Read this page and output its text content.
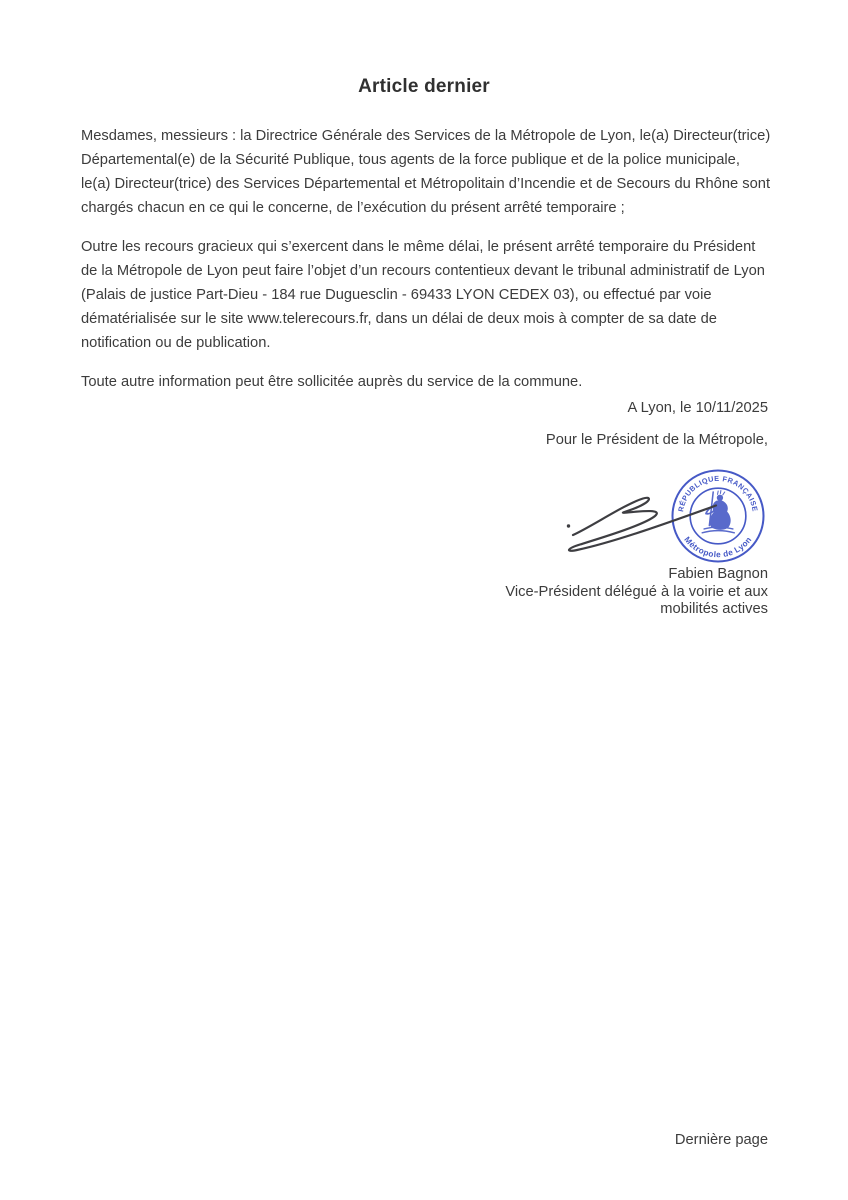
Article dernier

Mesdames, messieurs : la Directrice Générale des Services de la Métropole de Lyon, le(a) Directeur(trice) Départemental(e) de la Sécurité Publique, tous agents de la force publique et de la police municipale, le(a) Directeur(trice) des Services Départemental et Métropolitain d’Incendie et de Secours du Rhône sont chargés chacun en ce qui le concerne, de l’exécution du présent arrêté temporaire ;

Outre les recours gracieux qui s’exercent dans le même délai, le présent arrêté temporaire du Président de la Métropole de Lyon peut faire l’objet d’un recours contentieux devant le tribunal administratif de Lyon (Palais de justice Part-Dieu - 184 rue Duguesclin - 69433 LYON CEDEX 03), ou effectué par voie dématérialisée sur le site www.telerecours.fr, dans un délai de deux mois à compter de sa date de notification ou de publication.

Toute autre information peut être sollicitée auprès du service de la commune.

A Lyon, le 10/11/2025
Pour le Président de la Métropole,
RÉPUBLIQUE FRANÇAISE
Métropole de Lyon
Fabien Bagnon
Vice-Président délégué à la voirie et aux
mobilités actives
Dernière page
